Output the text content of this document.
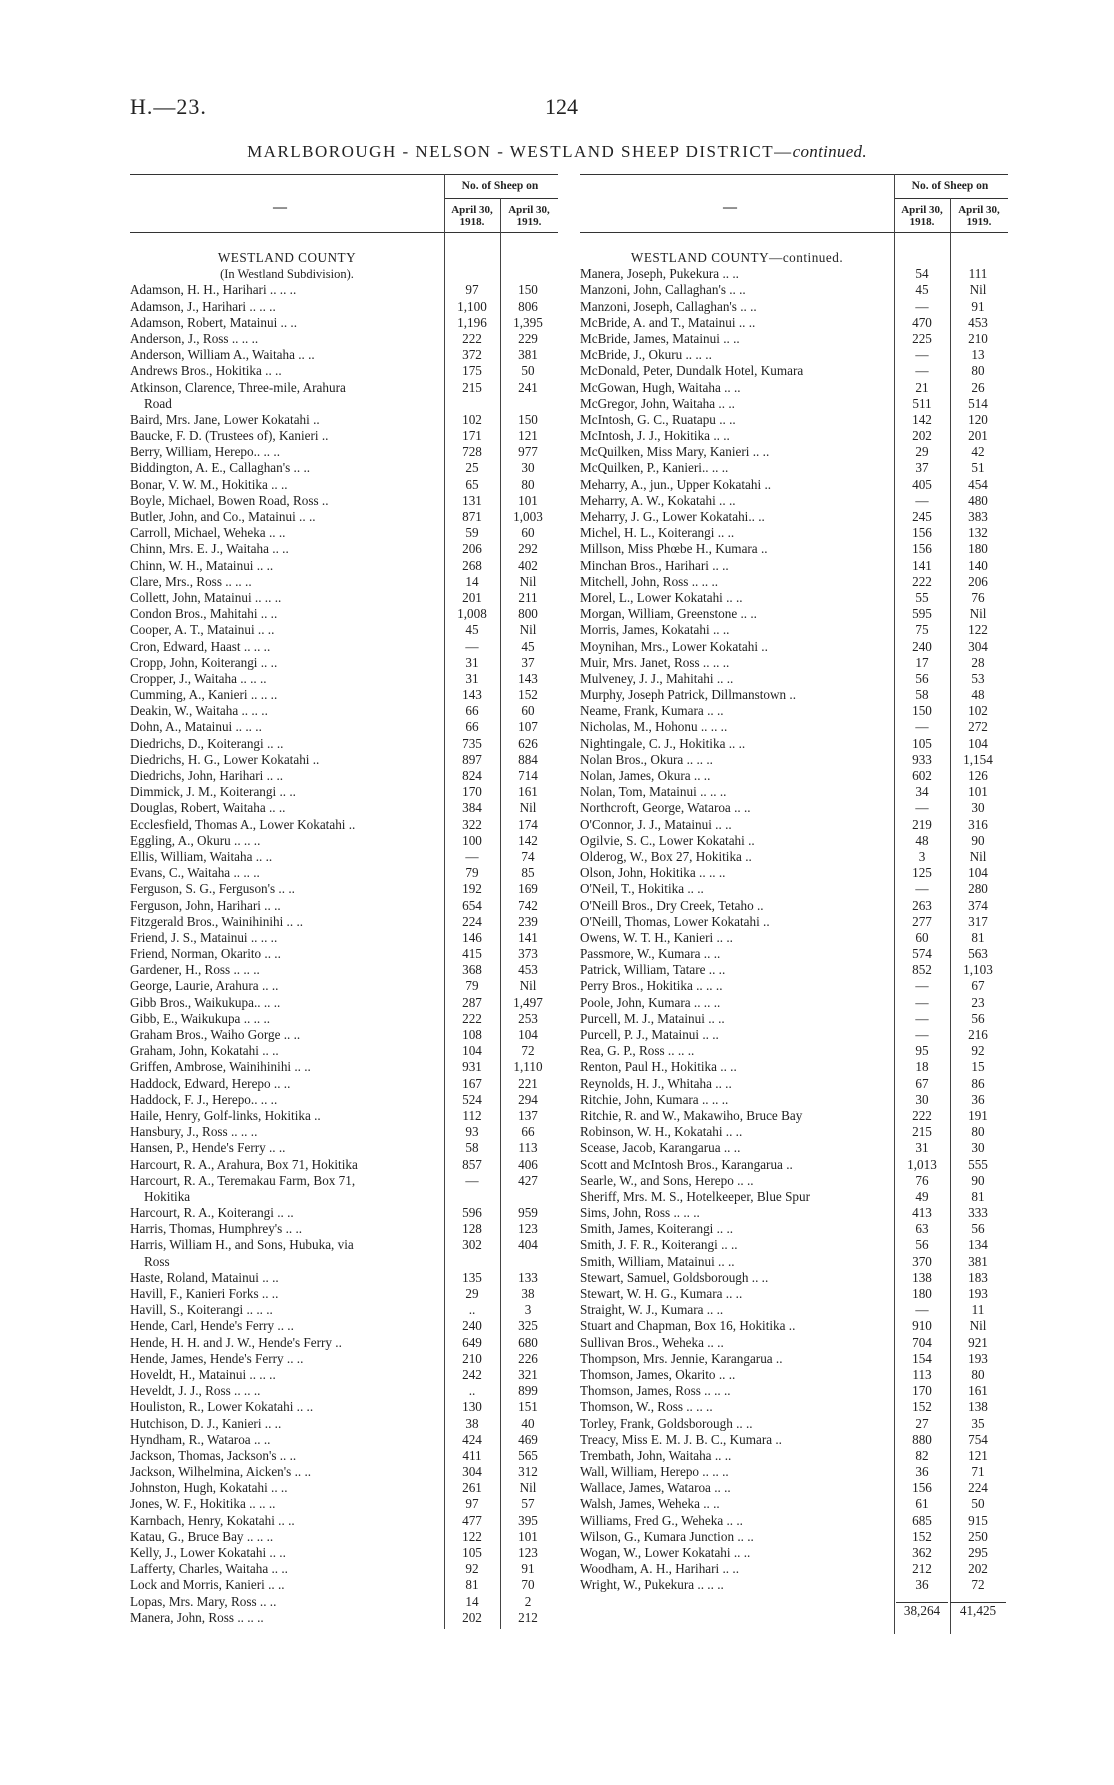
H.—23.	124
MARLBOROUGH - NELSON - WESTLAND SHEEP DISTRICT—continued.
—
No. of Sheep on
April 30,
1918.
April 30,
1919.
WESTLAND COUNTY
(In Westland Subdivision).
Adamson, H. H., Harihari .. .. ..	97	150
Adamson, J., Harihari .. .. ..	1,100	806
Adamson, Robert, Matainui .. ..	1,196	1,395
Anderson, J., Ross .. .. ..	222	229
Anderson, William A., Waitaha .. ..	372	381
Andrews Bros., Hokitika .. ..	175	50
Atkinson, Clarence, Three-mile, Arahura	215	241
Road
Baird, Mrs. Jane, Lower Kokatahi ..	102	150
Baucke, F. D. (Trustees of), Kanieri ..	171	121
Berry, William, Herepo.. .. ..	728	977
Biddington, A. E., Callaghan's .. ..	25	30
Bonar, V. W. M., Hokitika .. ..	65	80
Boyle, Michael, Bowen Road, Ross ..	131	101
Butler, John, and Co., Matainui .. ..	871	1,003
Carroll, Michael, Weheka .. ..	59	60
Chinn, Mrs. E. J., Waitaha .. ..	206	292
Chinn, W. H., Matainui .. ..	268	402
Clare, Mrs., Ross .. .. ..	14	Nil
Collett, John, Matainui .. .. ..	201	211
Condon Bros., Mahitahi .. ..	1,008	800
Cooper, A. T., Matainui .. ..	45	Nil
Cron, Edward, Haast .. .. ..	—	45
Cropp, John, Koiterangi .. ..	31	37
Cropper, J., Waitaha .. .. ..	31	143
Cumming, A., Kanieri .. .. ..	143	152
Deakin, W., Waitaha .. .. ..	66	60
Dohn, A., Matainui .. .. ..	66	107
Diedrichs, D., Koiterangi .. ..	735	626
Diedrichs, H. G., Lower Kokatahi ..	897	884
Diedrichs, John, Harihari .. ..	824	714
Dimmick, J. M., Koiterangi .. ..	170	161
Douglas, Robert, Waitaha .. ..	384	Nil
Ecclesfield, Thomas A., Lower Kokatahi ..	322	174
Eggling, A., Okuru .. .. ..	100	142
Ellis, William, Waitaha .. ..	—	74
Evans, C., Waitaha .. .. ..	79	85
Ferguson, S. G., Ferguson's .. ..	192	169
Ferguson, John, Harihari .. ..	654	742
Fitzgerald Bros., Wainihinihi .. ..	224	239
Friend, J. S., Matainui .. .. ..	146	141
Friend, Norman, Okarito .. ..	415	373
Gardener, H., Ross .. .. ..	368	453
George, Laurie, Arahura .. ..	79	Nil
Gibb Bros., Waikukupa.. .. ..	287	1,497
Gibb, E., Waikukupa .. .. ..	222	253
Graham Bros., Waiho Gorge .. ..	108	104
Graham, John, Kokatahi .. ..	104	72
Griffen, Ambrose, Wainihinihi .. ..	931	1,110
Haddock, Edward, Herepo .. ..	167	221
Haddock, F. J., Herepo.. .. ..	524	294
Haile, Henry, Golf-links, Hokitika ..	112	137
Hansbury, J., Ross .. .. ..	93	66
Hansen, P., Hende's Ferry .. ..	58	113
Harcourt, R. A., Arahura, Box 71, Hokitika	857	406
Harcourt, R. A., Teremakau Farm, Box 71,	—	427
Hokitika
Harcourt, R. A., Koiterangi .. ..	596	959
Harris, Thomas, Humphrey's .. ..	128	123
Harris, William H., and Sons, Hubuka, via	302	404
Ross
Haste, Roland, Matainui .. ..	135	133
Havill, F., Kanieri Forks .. ..	29	38
Havill, S., Koiterangi .. .. ..	..	3
Hende, Carl, Hende's Ferry .. ..	240	325
Hende, H. H. and J. W., Hende's Ferry ..	649	680
Hende, James, Hende's Ferry .. ..	210	226
Hoveldt, H., Matainui .. .. ..	242	321
Heveldt, J. J., Ross .. .. ..	..	899
Houliston, R., Lower Kokatahi .. ..	130	151
Hutchison, D. J., Kanieri .. ..	38	40
Hyndham, R., Wataroa .. ..	424	469
Jackson, Thomas, Jackson's .. ..	411	565
Jackson, Wilhelmina, Aicken's .. ..	304	312
Johnston, Hugh, Kokatahi .. ..	261	Nil
Jones, W. F., Hokitika .. .. ..	97	57
Karnbach, Henry, Kokatahi .. ..	477	395
Katau, G., Bruce Bay .. .. ..	122	101
Kelly, J., Lower Kokatahi .. ..	105	123
Lafferty, Charles, Waitaha .. ..	92	91
Lock and Morris, Kanieri .. ..	81	70
Lopas, Mrs. Mary, Ross .. ..	14	2
Manera, John, Ross .. .. ..	202	212
—
No. of Sheep on
April 30,
1918.
April 30,
1919.
WESTLAND COUNTY—continued.
Manera, Joseph, Pukekura .. ..	54	111
Manzoni, John, Callaghan's .. ..	45	Nil
Manzoni, Joseph, Callaghan's .. ..	—	91
McBride, A. and T., Matainui .. ..	470	453
McBride, James, Matainui .. ..	225	210
McBride, J., Okuru .. .. ..	—	13
McDonald, Peter, Dundalk Hotel, Kumara	—	80
McGowan, Hugh, Waitaha .. ..	21	26
McGregor, John, Waitaha .. ..	511	514
McIntosh, G. C., Ruatapu .. ..	142	120
McIntosh, J. J., Hokitika .. ..	202	201
McQuilken, Miss Mary, Kanieri .. ..	29	42
McQuilken, P., Kanieri.. .. ..	37	51
Meharry, A., jun., Upper Kokatahi ..	405	454
Meharry, A. W., Kokatahi .. ..	—	480
Meharry, J. G., Lower Kokatahi.. ..	245	383
Michel, H. L., Koiterangi .. ..	156	132
Millson, Miss Phœbe H., Kumara ..	156	180
Minchan Bros., Harihari .. ..	141	140
Mitchell, John, Ross .. .. ..	222	206
Morel, L., Lower Kokatahi .. ..	55	76
Morgan, William, Greenstone .. ..	595	Nil
Morris, James, Kokatahi .. ..	75	122
Moynihan, Mrs., Lower Kokatahi ..	240	304
Muir, Mrs. Janet, Ross .. .. ..	17	28
Mulveney, J. J., Mahitahi .. ..	56	53
Murphy, Joseph Patrick, Dillmanstown ..	58	48
Neame, Frank, Kumara .. ..	150	102
Nicholas, M., Hohonu .. .. ..	—	272
Nightingale, C. J., Hokitika .. ..	105	104
Nolan Bros., Okura .. .. ..	933	1,154
Nolan, James, Okura .. ..	602	126
Nolan, Tom, Matainui .. .. ..	34	101
Northcroft, George, Wataroa .. ..	—	30
O'Connor, J. J., Matainui .. ..	219	316
Ogilvie, S. C., Lower Kokatahi ..	48	90
Olderog, W., Box 27, Hokitika ..	3	Nil
Olson, John, Hokitika .. .. ..	125	104
O'Neil, T., Hokitika .. ..	—	280
O'Neill Bros., Dry Creek, Tetaho ..	263	374
O'Neill, Thomas, Lower Kokatahi ..	277	317
Owens, W. T. H., Kanieri .. ..	60	81
Passmore, W., Kumara .. ..	574	563
Patrick, William, Tatare .. ..	852	1,103
Perry Bros., Hokitika .. .. ..	—	67
Poole, John, Kumara .. .. ..	—	23
Purcell, M. J., Matainui .. ..	—	56
Purcell, P. J., Matainui .. ..	—	216
Rea, G. P., Ross .. .. ..	95	92
Renton, Paul H., Hokitika .. ..	18	15
Reynolds, H. J., Whitaha .. ..	67	86
Ritchie, John, Kumara .. .. ..	30	36
Ritchie, R. and W., Makawiho, Bruce Bay	222	191
Robinson, W. H., Kokatahi .. ..	215	80
Scease, Jacob, Karangarua .. ..	31	30
Scott and McIntosh Bros., Karangarua ..	1,013	555
Searle, W., and Sons, Herepo .. ..	76	90
Sheriff, Mrs. M. S., Hotelkeeper, Blue Spur	49	81
Sims, John, Ross .. .. ..	413	333
Smith, James, Koiterangi .. ..	63	56
Smith, J. F. R., Koiterangi .. ..	56	134
Smith, William, Matainui .. ..	370	381
Stewart, Samuel, Goldsborough .. ..	138	183
Stewart, W. H. G., Kumara .. ..	180	193
Straight, W. J., Kumara .. ..	—	11
Stuart and Chapman, Box 16, Hokitika ..	910	Nil
Sullivan Bros., Weheka .. ..	704	921
Thompson, Mrs. Jennie, Karangarua ..	154	193
Thomson, James, Okarito .. ..	113	80
Thomson, James, Ross .. .. ..	170	161
Thomson, W., Ross .. .. ..	152	138
Torley, Frank, Goldsborough .. ..	27	35
Treacy, Miss E. M. J. B. C., Kumara ..	880	754
Trembath, John, Waitaha .. ..	82	121
Wall, William, Herepo .. .. ..	36	71
Wallace, James, Wataroa .. ..	156	224
Walsh, James, Weheka .. ..	61	50
Williams, Fred G., Weheka .. ..	685	915
Wilson, G., Kumara Junction .. ..	152	250
Wogan, W., Lower Kokatahi .. ..	362	295
Woodham, A. H., Harihari .. ..	212	202
Wright, W., Pukekura .. .. ..	36	72
38,264	41,425
